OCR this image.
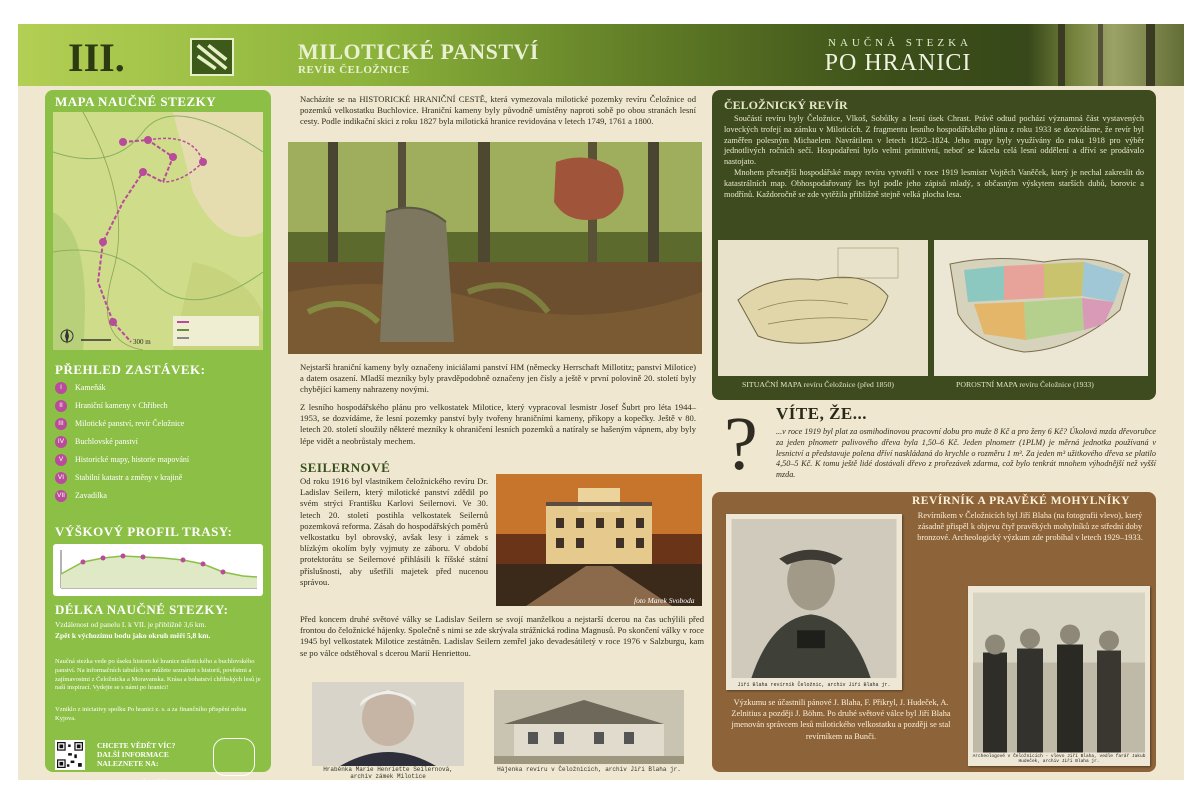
III.	MILOTICKÉ PANSTVÍ
REVÍR ČELOŽNICE
NAUČNÁ STEZKA
PO HRANICI
MAPA NAUČNÉ STEZKY
300 m
PŘEHLED ZASTÁVEK:
I	Kameňák
II	Hraniční kameny v Chřibech
III	Milotické panství, revír Čeložnice
IV	Buchlovské panství
V	Historické mapy, historie mapování
VI	Stabilní katastr a změny v krajině
VII Zavadilka
VÝŠKOVÝ PROFIL TRASY:
DÉLKA NAUČNÉ STEZKY:
Vzdálenost od panelu I. k VII. je přibližně 3,6 km.
Zpět k výchozímu bodu jako okruh měří 5,8 km.
Naučná stezka vede po úseku historické hranice milotického a buchlovského panství. Na informačních tabulích se můžete seznámit s historií, pověstmi a zajímavostmi z Čeložnicka a Moravanska. Krása a bohatství chřibských lesů je naší inspirací. Vydejte se s námi po hranici!
Vzniklo z iniciativy spolku Po hranici z. s. a za finančního přispění města Kyjova.
CHCETE VĚDĚT VÍC?
DALŠÍ INFORMACE
NALEZNETE NA:
www.po-hranici.cz
Nacházíte se na HISTORICKÉ HRANIČNÍ CESTĚ, která vymezovala milotické pozemky revíru Čeložnice od pozemků velkostatku Buchlovice. Hraniční kameny byly původně umístěny naproti sobě po obou stranách lesní cesty. Podle indikační skici z roku 1827 byla milotická hranice revidována v letech 1749, 1761 a 1800.
Nejstarší hraniční kameny byly označeny iniciálami panství HM (německy Herrschaft Millotitz; panství Milotice) a datem osazení. Mladší mezníky byly pravděpodobně označeny jen čísly a ještě v první polovině 20. století byly chybějící kameny nahrazeny novými.
Z lesního hospodářského plánu pro velkostatek Milotice, který vypracoval lesmistr Josef Šubrt pro léta 1944–1953, se dozvídáme, že lesní pozemky panství byly tvořeny hraničními kameny, příkopy a kopečky. Ještě v 80. letech 20. století sloužily některé mezníky k ohraničení lesních pozemků a natíraly se hašeným vápnem, aby byly lépe vidět a neobrůstaly mechem.
SEILERNOVÉ
Od roku 1916 byl vlastníkem čeložnického revíru Dr. Ladislav Seilern, který milotické panství zdědil po svém strýci Františku Karlovi Seilernovi. Ve 30. letech 20. století postihla velkostatek Seilernů pozemková reforma. Zásah do hospodářských poměrů velkostatku byl obrovský, avšak lesy i zámek s blízkým okolím byly vyjmuty ze záboru. V období protektorátu se Seilernové přihlásili k říšské státní příslušnosti, aby ušetřili majetek před nucenou správou.
foto Marek Svoboda
Před koncem druhé světové války se Ladislav Seilern se svojí manželkou a nejstarší dcerou na čas uchýlili před frontou do čeložnické hájenky. Společně s nimi se zde skrývala strážnická rodina Magnusů. Po skončení války v roce 1945 byl velkostatek Milotice zestátněn. Ladislav Seilern zemřel jako devadesátiletý v roce 1976 v Salzburgu, kam se po válce odstěhoval s dcerou Marií Henriettou.
Hraběnka Marie Henriette Seilernová, archiv zámek Milotice
Hájenka revíru v Čeložnicích, archiv Jiří Blaha jr.
ČELOŽNICKÝ REVÍR

Součástí revíru byly Čeložnice, Vlkoš, Sobůlky a lesní úsek Chrast. Právě odtud pochází významná část vystavených loveckých trofejí na zámku v Miloticích. Z fragmentu lesního hospodářského plánu z roku 1933 se dozvídáme, že revír byl zaměřen polesným Michaelem Navrátilem v letech 1822–1824. Jeho mapy byly využívány do roku 1918 pro výběr jednotlivých ročních sečí. Hospodaření bylo velmi primitivní, neboť se kácela celá lesní oddělení a dříví se prodávalo nastojato.

Mnohem přesnější hospodářské mapy revíru vytvořil v roce 1919 lesmistr Vojtěch Vaněček, který je nechal zakreslit do katastrálních map. Obhospodařovaný les byl podle jeho zápisů mladý, s občasným výskytem starších dubů, borovic a modřínů. Každoročně se zde vytěžila přibližně stejně velká plocha lesa.

SITUAČNÍ MAPA revíru Čeložnice (před 1850)	POROSTNÍ MAPA revíru Čeložnice (1933)
? VÍTE, ŽE...
...v roce 1919 byl plat za osmihodinovou pracovní dobu pro muže 8 Kč a pro ženy 6 Kč? Úkolová mzda dřevorubce za jeden plnometr palivového dřeva byla 1,50–6 Kč. Jeden plnometr (1PLM) je měrná jednotka používaná v lesnictví a představuje polena dříví naskládaná do krychle o rozměru 1 m³. Za jeden m³ užitkového dřeva se platilo 4,50–5 Kč. K tomu ještě lidé dostávali dřevo z prořezávek zdarma, což bylo tenkrát mnohem výhodnější než vyšší mzda.
REVÍRNÍK A PRAVĚKÉ MOHYLNÍKY
Revírníkem v Čeložnicích byl Jiří Blaha (na fotografii vlevo), který zásadně přispěl k objevu čtyř pravěkých mohylníků ze střední doby bronzové. Archeologický výzkum zde probíhal v letech 1929–1933.
Jiří Blaha revírník Čeložnic, archiv Jiří Blaha jr.
Archeologové v Čeložnicích - vlevo Jiří Blaha, vedle farář Jakub Hudeček, archiv Jiří Blaha jr.
Výzkumu se účastnili pánové J. Blaha, F. Přikryl, J. Hudeček, A. Zelnitius a později J. Böhm. Po druhé světové válce byl Jiří Blaha jmenován správcem lesů milotického velkostatku a později se stal revírníkem na Bunči.
